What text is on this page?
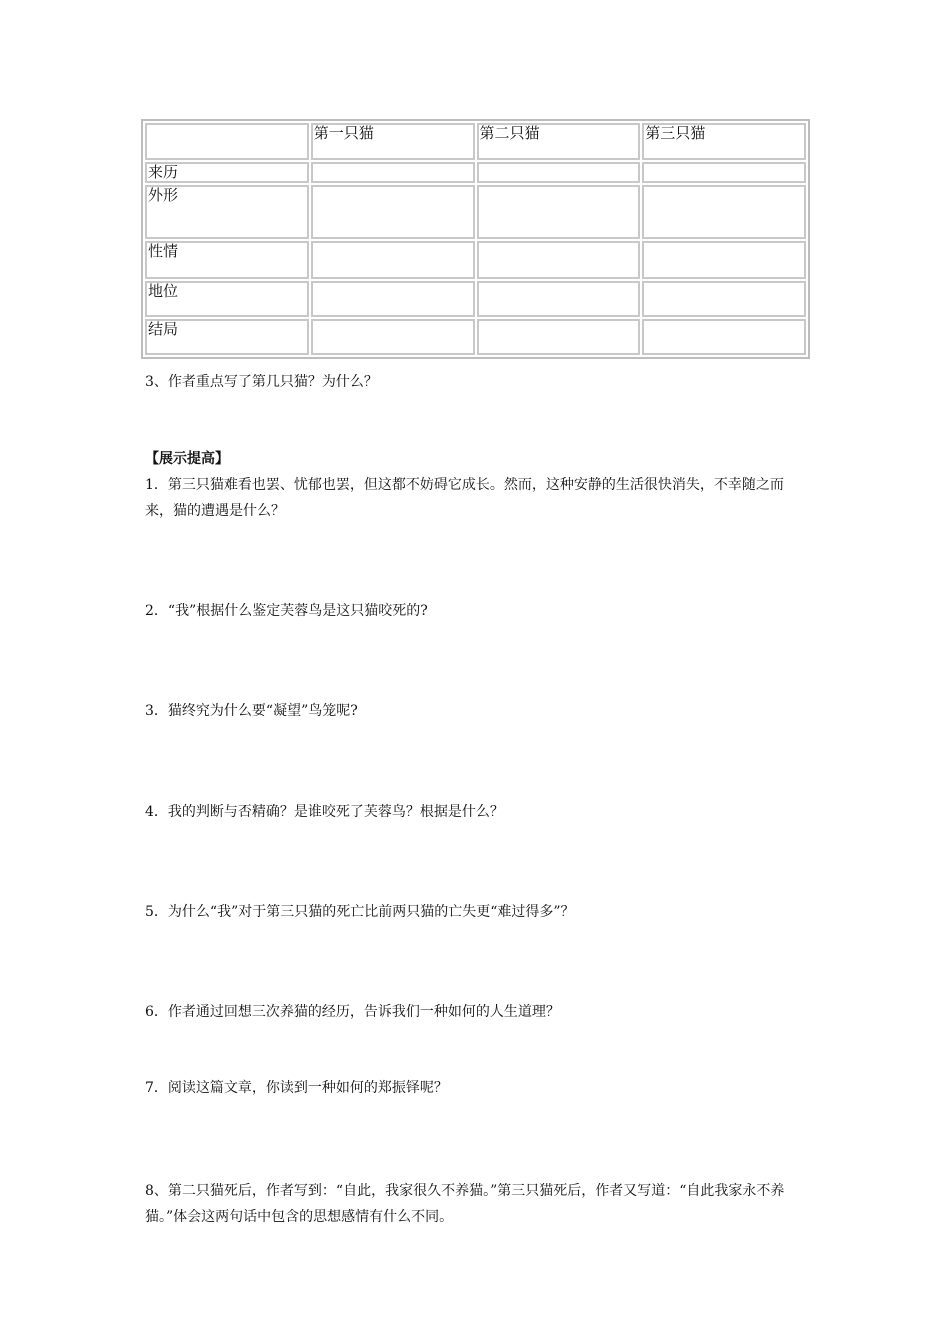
	第一只猫	第二只猫	第三只猫
来历			
外形			
性情			
地位			
结局			
3、作者重点写了第几只猫？为什么？
【展示提高】
1．第三只猫难看也罢、忧郁也罢，但这都不妨碍它成长。然而，这种安静的生活很快消失，不幸随之而来，猫的遭遇是什么？
2．“我”根据什么鉴定芙蓉鸟是这只猫咬死的?
3．猫终究为什么要“凝望”鸟笼呢?
4．我的判断与否精确？是谁咬死了芙蓉鸟？根据是什么？
5．为什么“我”对于第三只猫的死亡比前两只猫的亡失更“难过得多”？
6．作者通过回想三次养猫的经历，告诉我们一种如何的人生道理？
7．阅读这篇文章，你读到一种如何的郑振铎呢？
8、第二只猫死后，作者写到：“自此，我家很久不养猫。”第三只猫死后，作者又写道：“自此我家永不养猫。”体会这两句话中包含的思想感情有什么不同。
